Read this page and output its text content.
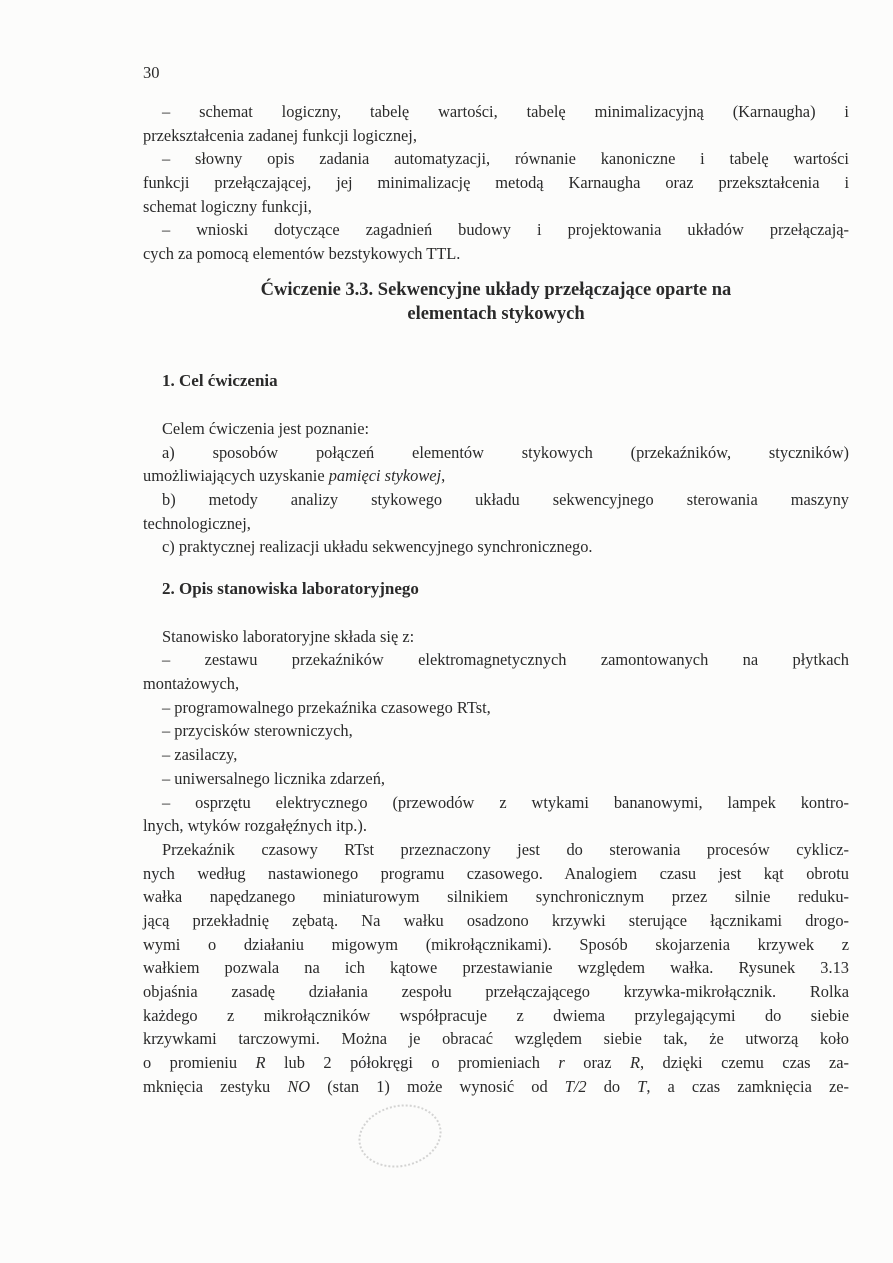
30
– schemat logiczny, tabelę wartości, tabelę minimalizacyjną (Karnaugha) i
przekształcenia zadanej funkcji logicznej,
– słowny opis zadania automatyzacji, równanie kanoniczne i tabelę wartości
funkcji przełączającej, jej minimalizację metodą Karnaugha oraz przekształcenia i
schemat logiczny funkcji,
– wnioski dotyczące zagadnień budowy i projektowania układów przełączają-
cych za pomocą elementów bezstykowych TTL.
Ćwiczenie 3.3. Sekwencyjne układy przełączające oparte na
elementach stykowych
1. Cel ćwiczenia
Celem ćwiczenia jest poznanie:
a) sposobów połączeń elementów stykowych (przekaźników, styczników)
umożliwiających uzyskanie pamięci stykowej,
b) metody analizy stykowego układu sekwencyjnego sterowania maszyny
technologicznej,
c) praktycznej realizacji układu sekwencyjnego synchronicznego.
2. Opis stanowiska laboratoryjnego
Stanowisko laboratoryjne składa się z:
– zestawu przekaźników elektromagnetycznych zamontowanych na płytkach
montażowych,
– programowalnego przekaźnika czasowego RTst,
– przycisków sterowniczych,
– zasilaczy,
– uniwersalnego licznika zdarzeń,
– osprzętu elektrycznego (przewodów z wtykami bananowymi, lampek kontro-
lnych, wtyków rozgałęźnych itp.).
Przekaźnik czasowy RTst przeznaczony jest do sterowania procesów cyklicz-
nych według nastawionego programu czasowego. Analogiem czasu jest kąt obrotu
wałka napędzanego miniaturowym silnikiem synchronicznym przez silnie reduku-
jącą przekładnię zębatą. Na wałku osadzono krzywki sterujące łącznikami drogo-
wymi o działaniu migowym (mikrołącznikami). Sposób skojarzenia krzywek z
wałkiem pozwala na ich kątowe przestawianie względem wałka. Rysunek 3.13
objaśnia zasadę działania zespołu przełączającego krzywka-mikrołącznik. Rolka
każdego z mikrołączników współpracuje z dwiema przylegającymi do siebie
krzywkami tarczowymi. Można je obracać względem siebie tak, że utworzą koło
o promieniu R lub 2 półokręgi o promieniach r oraz R, dzięki czemu czas za-
mknięcia zestyku NO (stan 1) może wynosić od T/2 do T, a czas zamknięcia ze-
